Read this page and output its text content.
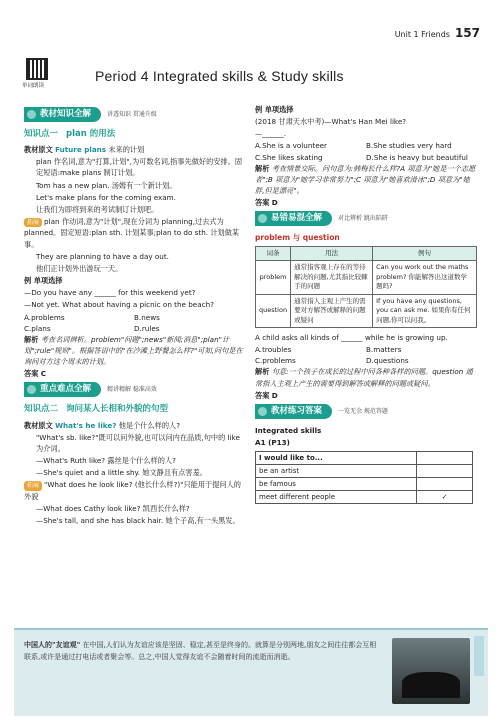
Unit 1 Friends 157
单词朗读
Period 4 Integrated skills & Study skills
教材知识全解	讲透知识 贯通升级
知识点一 plan 的用法

教材原文 Future plans 未来的计划

plan 作名词,意为"打算,计划",为可数名词,指事先做好的安排。固定短语:make plans 制订计划。

Tom has a new plan. 汤姆有一个新计划。

Let's make plans for the coming exam.

让我们为即将到来的考试制订计划吧。

拓展 plan 作动词,意为"计划",现在分词为 planning,过去式为 planned。固定短语:plan sth. 计划某事;plan to do sth. 计划做某事。

They are planning to have a day out.

他们正计划外出游玩一天。

例 单项选择

—Do you have any ______ for this weekend yet?

—Not yet. What about having a picnic on the beach?

A.problems	B.news
C.plans	D.rules

解析 考查名词辨析。problem"问题";news"新闻;消息";plan"计划";rule"规则"。根据答语中的"在沙滩上野餐怎么样?"可知,问句是在询问对方这个周末的计划。

答案 C

重点难点全解	精讲精解 稳准高效
知识点二 询问某人长相和外貌的句型

教材原文 What's he like? 他是个什么样的人?

"What's sb. like?"既可以问外貌,也可以问内在品质,句中的 like 为介词。

—What's Ruth like? 露丝是个什么样的人?

—She's quiet and a little shy. 她文静且有点害羞。

拓展 "What does he look like? (他长什么样?)"只能用于提问人的外貌

—What does Cathy look like? 凯西长什么样?

—She's tall, and she has black hair. 她个子高,有一头黑发。

例 单项选择

(2018 甘肃天水中考)—What's Han Mei like?

—______.

A.She is a volunteer	B.She studies very hard
C.She likes skating	D.She is heavy but beautiful

解析 考查情景交际。问句意为:韩梅长什么样?A 项意为"她是一个志愿者";B 项意为"她学习非常努力";C 项意为"她喜欢滑冰";D 项意为"她胖,但是漂亮"。

答案 D

易错易混全解	对比辨析 跳出陷阱
problem 与 question
词条	用法	例句
problem	通常指客观上存在的等待解决的问题,尤其指比较棘手的问题	Can you work out the maths problem? 你能解答出这道数学题吗?
question	通常指人主观上产生的需要对方解答或解释的问题或疑问	If you have any questions, you can ask me. 如果你有任何问题,你可以问我。

A child asks all kinds of ______ while he is growing up.

A.troubles	B.matters
C.problems	D.questions

解析 句意:一个孩子在成长的过程中问各种各样的问题。question 通常指人主观上产生的需要得到解答或解释的问题或疑问。

答案 D

教材练习答案	一览无余 规范答题

Integrated skills

A1 (P13)

I would like to...	
be an artist	
be famous	
meet different people	✓
中国人的"友谊观" 在中国,人们认为友谊应该是坚固、稳定,甚至是终身的。就算是分别两地,朋友之间往往都会互相联系,或许是通过打电话或者聚会等。总之,中国人觉得友谊不会随着时间的流逝而消逝。
